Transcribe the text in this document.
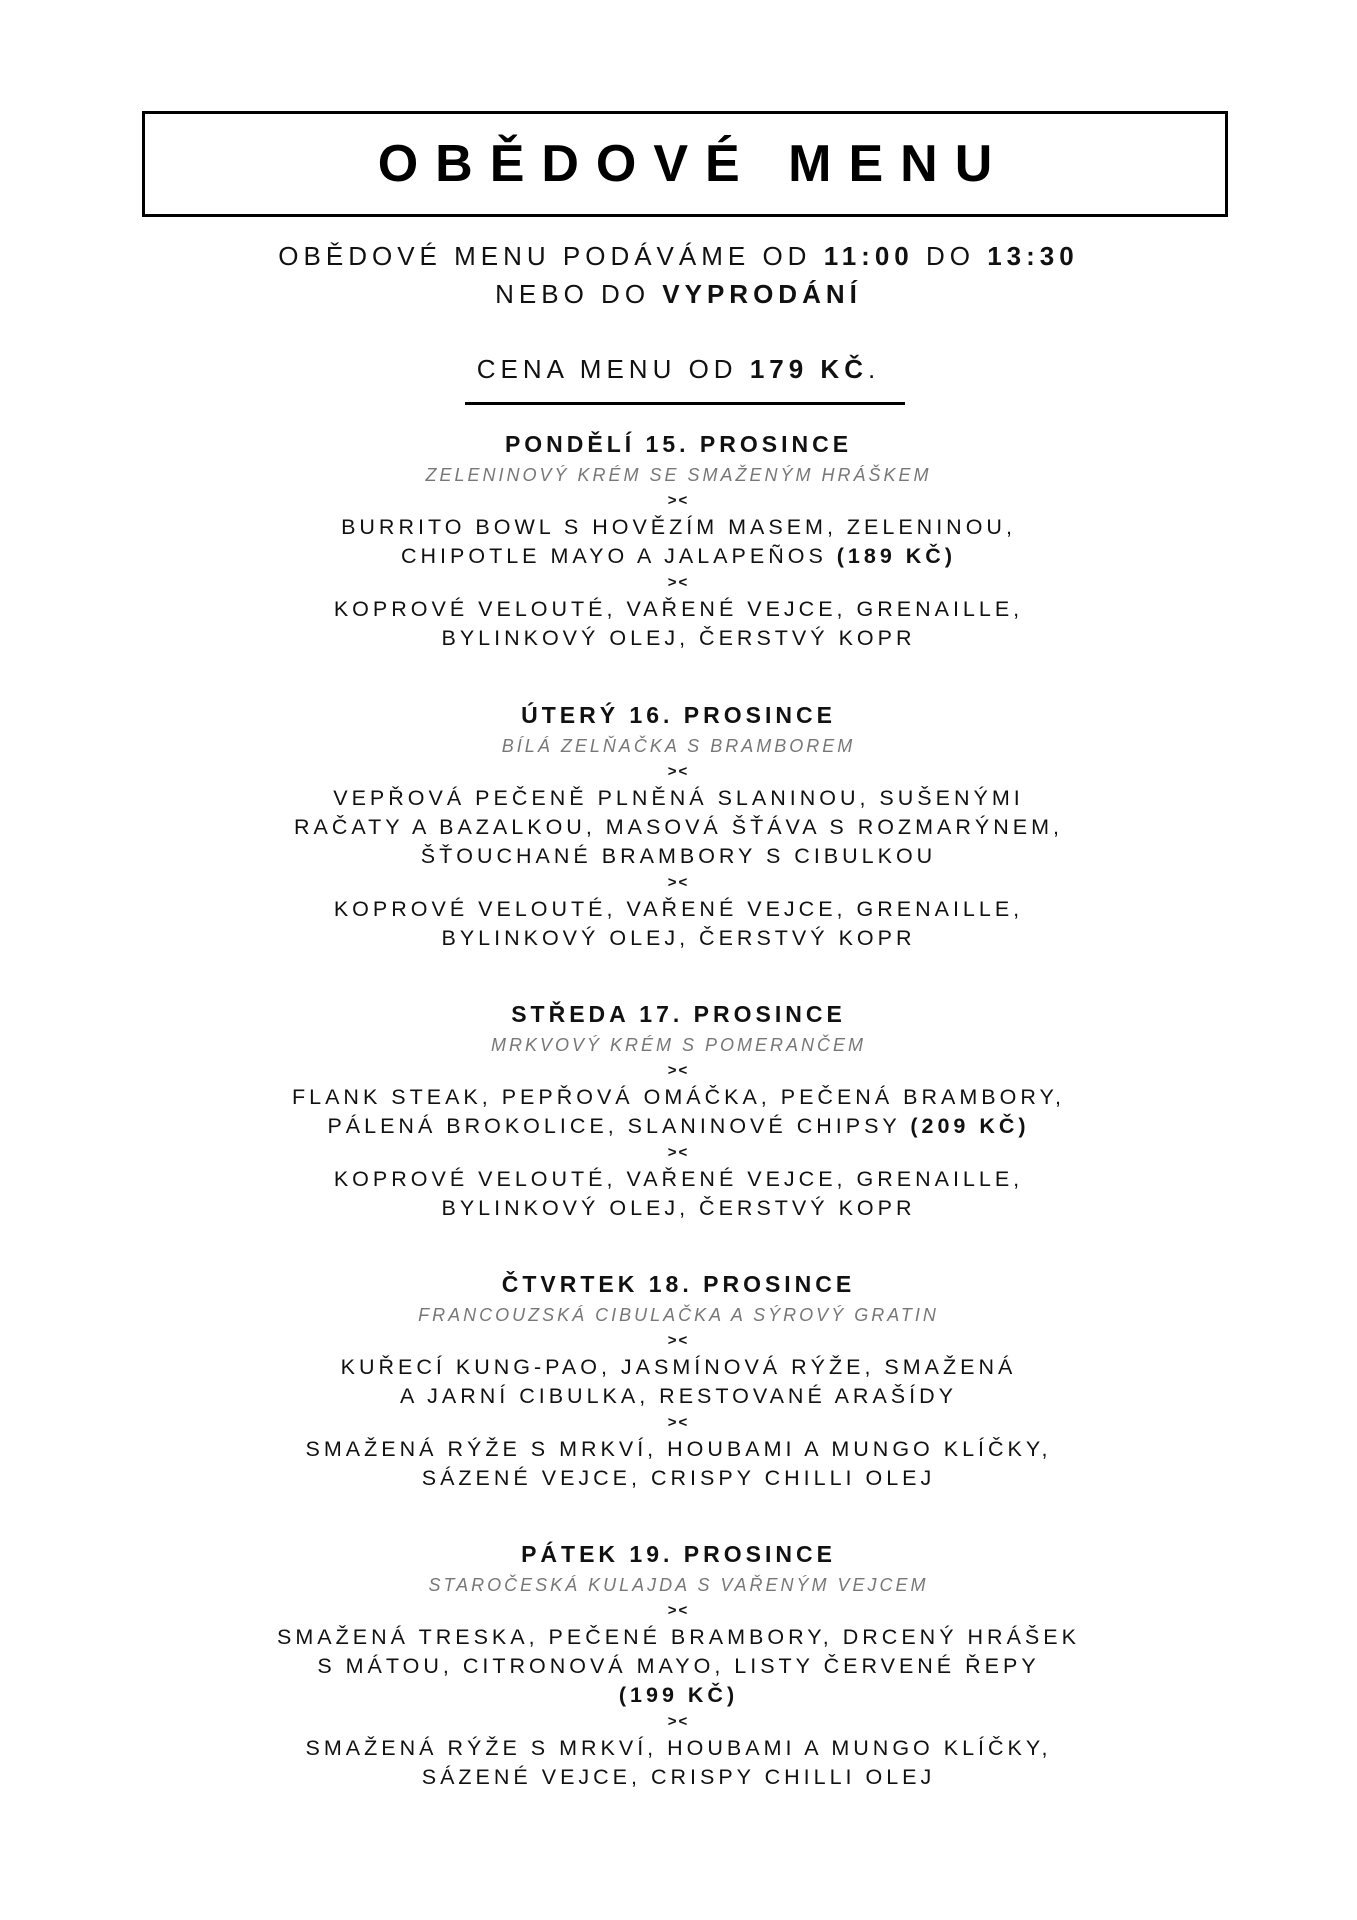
OBĚDOVÉ MENU
OBĚDOVÉ MENU PODÁVÁME OD 11:00 DO 13:30
NEBO DO VYPRODÁNÍ
CENA MENU OD 179 KČ.
PONDĚLÍ 15. PROSINCE
ZELENINOVÝ KRÉM SE SMAŽENÝM HRÁŠKEM
><
BURRITO BOWL S HOVĚZÍM MASEM, ZELENINOU,
CHIPOTLE MAYO A JALAPEÑOS (189 KČ)
><
KOPROVÉ VELOUTÉ, VAŘENÉ VEJCE, GRENAILLE,
BYLINKOVÝ OLEJ, ČERSTVÝ KOPR
ÚTERÝ 16. PROSINCE
BÍLÁ ZELŇAČKA S BRAMBOREM
><
VEPŘOVÁ PEČENĚ PLNĚNÁ SLANINOU, SUŠENÝMI
RAČATY A BAZALKOU, MASOVÁ ŠŤÁVA S ROZMARÝNEM,
ŠŤOUCHANÉ BRAMBORY S CIBULKOU
><
KOPROVÉ VELOUTÉ, VAŘENÉ VEJCE, GRENAILLE,
BYLINKOVÝ OLEJ, ČERSTVÝ KOPR
STŘEDA 17. PROSINCE
MRKVOVÝ KRÉM S POMERANČEM
><
FLANK STEAK, PEPŘOVÁ OMÁČKA, PEČENÁ BRAMBORY,
PÁLENÁ BROKOLICE, SLANINOVÉ CHIPSY (209 KČ)
><
KOPROVÉ VELOUTÉ, VAŘENÉ VEJCE, GRENAILLE,
BYLINKOVÝ OLEJ, ČERSTVÝ KOPR
ČTVRTEK 18. PROSINCE
FRANCOUZSKÁ CIBULAČKA A SÝROVÝ GRATIN
><
KUŘECÍ KUNG-PAO, JASMÍNOVÁ RÝŽE, SMAŽENÁ
A JARNÍ CIBULKA, RESTOVANÉ ARAŠÍDY
><
SMAŽENÁ RÝŽE S MRKVÍ, HOUBAMI A MUNGO KLÍČKY,
SÁZENÉ VEJCE, CRISPY CHILLI OLEJ
PÁTEK 19. PROSINCE
STAROČESKÁ KULAJDA S VAŘENÝM VEJCEM
><
SMAŽENÁ TRESKA, PEČENÉ BRAMBORY, DRCENÝ HRÁŠEK
S MÁTOU, CITRONOVÁ MAYO, LISTY ČERVENÉ ŘEPY
(199 KČ)
><
SMAŽENÁ RÝŽE S MRKVÍ, HOUBAMI A MUNGO KLÍČKY,
SÁZENÉ VEJCE, CRISPY CHILLI OLEJ
